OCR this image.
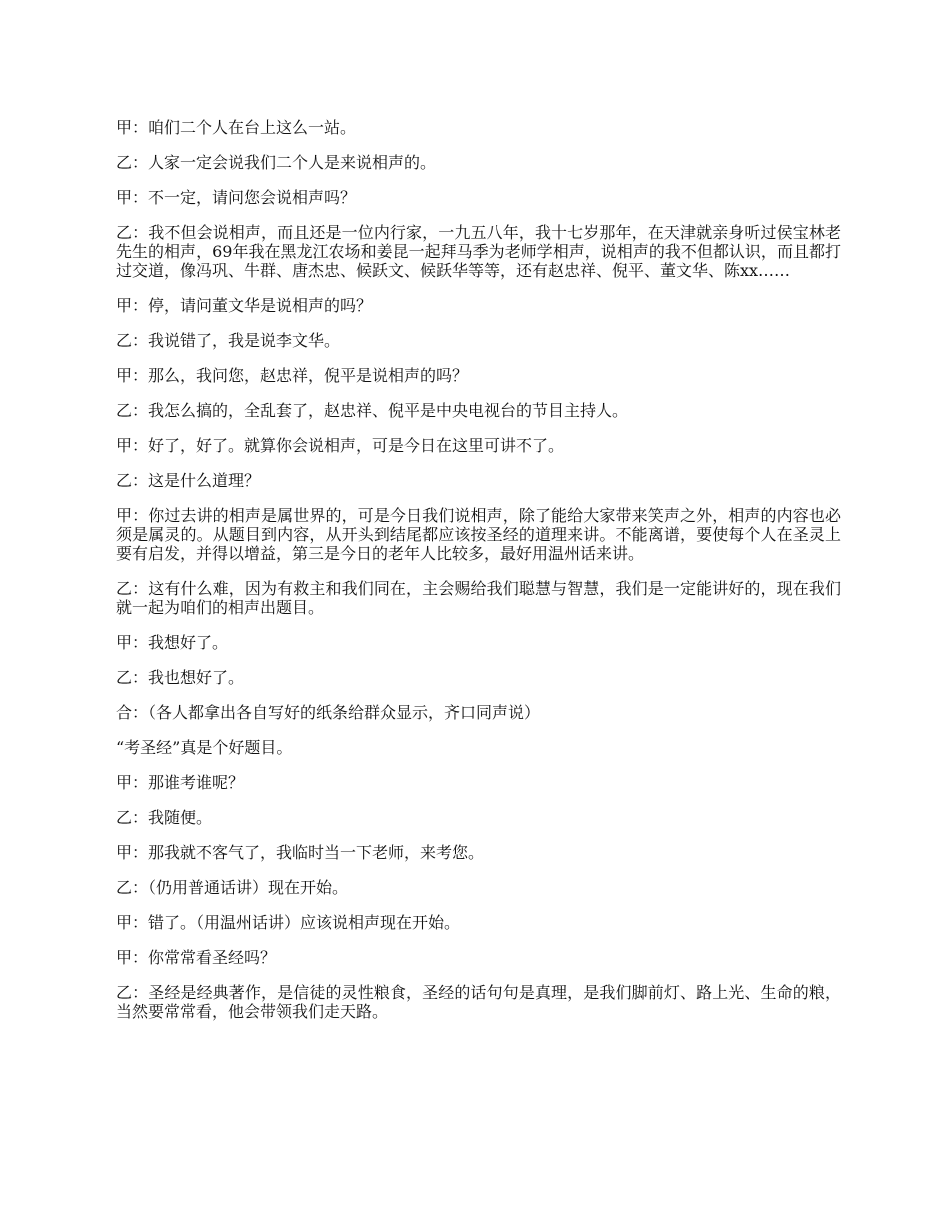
甲：咱们二个人在台上这么一站。

乙：人家一定会说我们二个人是来说相声的。

甲：不一定，请问您会说相声吗？

乙：我不但会说相声，而且还是一位内行家，一九五八年，我十七岁那年，在天津就亲身听过侯宝林老先生的相声，69年我在黑龙江农场和姜昆一起拜马季为老师学相声，说相声的我不但都认识，而且都打过交道，像冯巩、牛群、唐杰忠、候跃文、候跃华等等，还有赵忠祥、倪平、董文华、陈xx……

甲：停，请问董文华是说相声的吗？

乙：我说错了，我是说李文华。

甲：那么，我问您，赵忠祥，倪平是说相声的吗？

乙：我怎么搞的，全乱套了，赵忠祥、倪平是中央电视台的节目主持人。

甲：好了，好了。就算你会说相声，可是今日在这里可讲不了。

乙：这是什么道理？

甲：你过去讲的相声是属世界的，可是今日我们说相声，除了能给大家带来笑声之外，相声的内容也必须是属灵的。从题目到内容，从开头到结尾都应该按圣经的道理来讲。不能离谱，要使每个人在圣灵上要有启发，并得以增益，第三是今日的老年人比较多，最好用温州话来讲。

乙：这有什么难，因为有救主和我们同在，主会赐给我们聪慧与智慧，我们是一定能讲好的，现在我们就一起为咱们的相声出题目。

甲：我想好了。

乙：我也想好了。

合：（各人都拿出各自写好的纸条给群众显示，齐口同声说）

“考圣经”真是个好题目。

甲：那谁考谁呢？

乙：我随便。

甲：那我就不客气了，我临时当一下老师，来考您。

乙：（仍用普通话讲）现在开始。

甲：错了。（用温州话讲）应该说相声现在开始。

甲：你常常看圣经吗？

乙：圣经是经典著作，是信徒的灵性粮食，圣经的话句句是真理，是我们脚前灯、路上光、生命的粮，当然要常常看，他会带领我们走天路。
